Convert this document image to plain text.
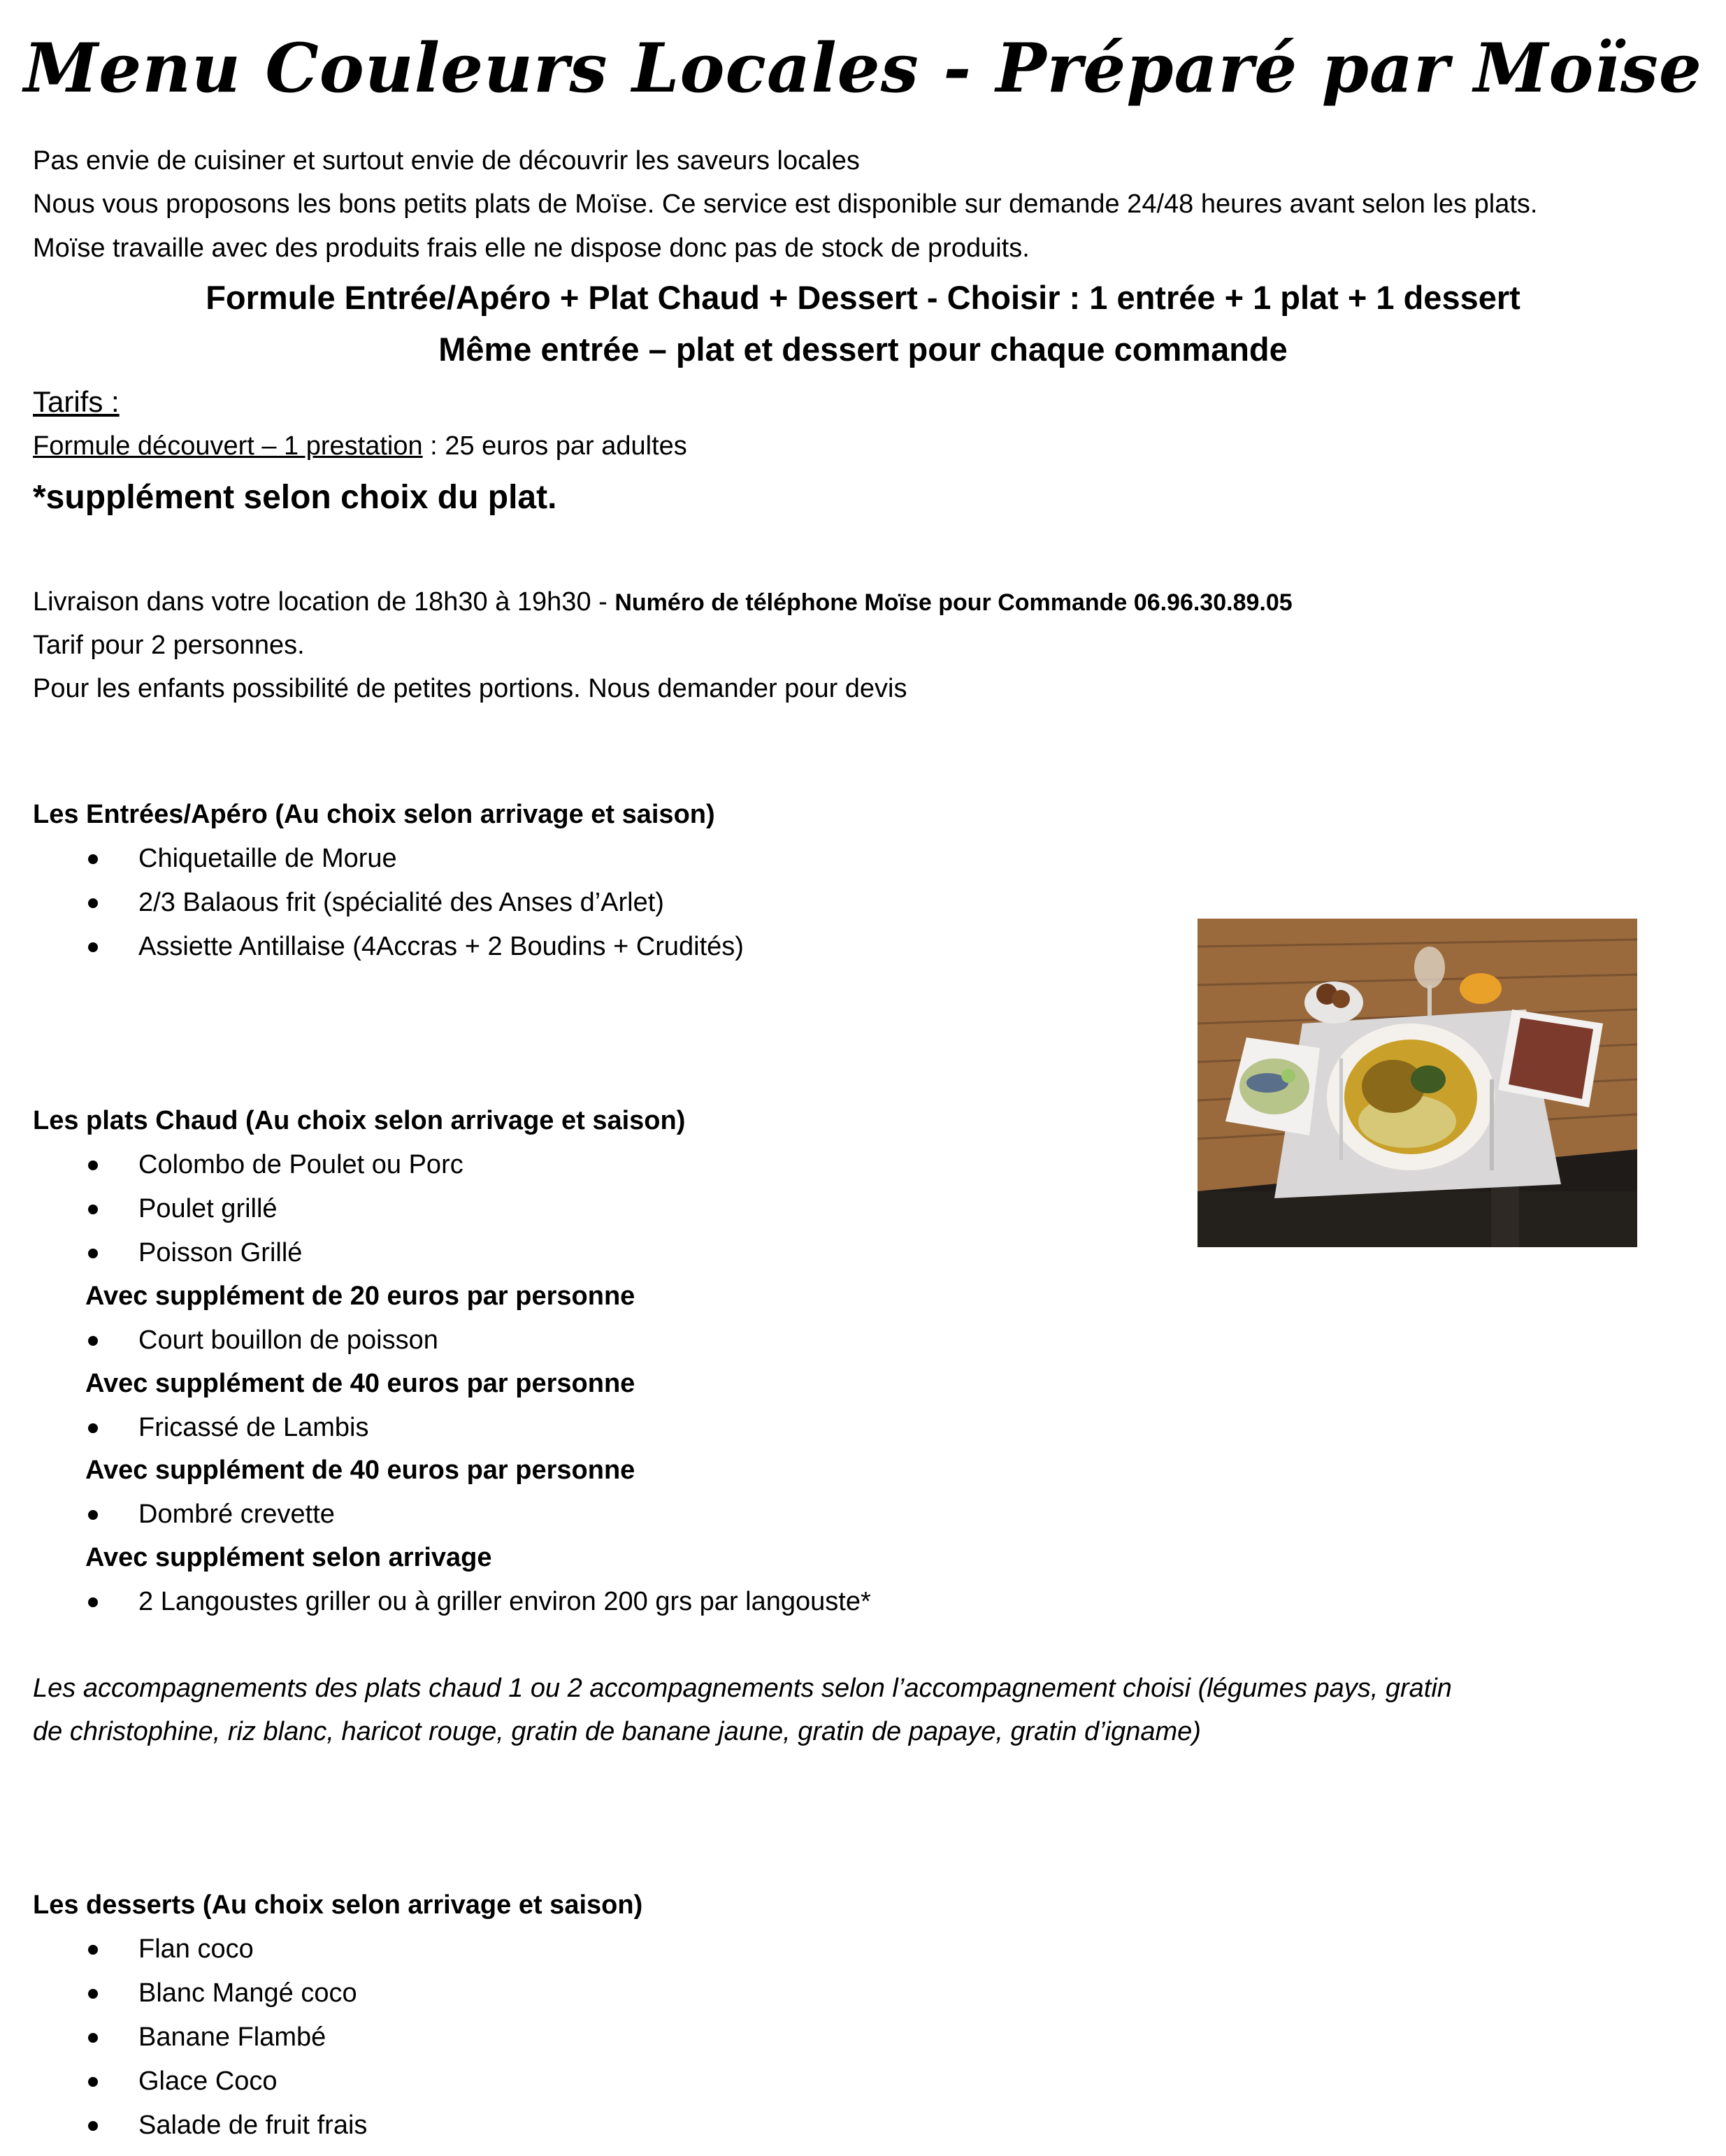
Menu Couleurs Locales - Préparé par Moïse
Pas envie de cuisiner et surtout envie de découvrir les saveurs locales
Nous vous proposons les bons petits plats de Moïse. Ce service est disponible sur demande 24/48 heures avant selon les plats.
Moïse travaille avec des produits frais elle ne dispose donc pas de stock de produits.
Formule Entrée/Apéro + Plat Chaud + Dessert - Choisir : 1 entrée + 1 plat + 1 dessert
Même entrée – plat et dessert pour chaque commande
Tarifs :
Formule découvert – 1 prestation : 25 euros par adultes
*supplément selon choix du plat.
Livraison dans votre location de 18h30 à 19h30 - Numéro de téléphone Moïse pour Commande 06.96.30.89.05
Tarif pour 2 personnes.
Pour les enfants possibilité de petites portions. Nous demander pour devis
Les Entrées/Apéro (Au choix selon arrivage et saison)
Chiquetaille de Morue
2/3 Balaous frit (spécialité des Anses d’Arlet)
Assiette Antillaise (4Accras + 2 Boudins + Crudités)
Les plats Chaud (Au choix selon arrivage et saison)
Colombo de Poulet ou Porc
Poulet grillé
Poisson Grillé
Avec supplément de 20 euros par personne
Court bouillon de poisson
Avec supplément de 40 euros par personne
Fricassé de Lambis
Avec supplément de 40 euros par personne
Dombré crevette
Avec supplément selon arrivage
2 Langoustes griller ou à griller environ 200 grs par langouste*
Les accompagnements des plats chaud 1 ou 2 accompagnements selon l’accompagnement choisi (légumes pays, gratin
de christophine, riz blanc, haricot rouge, gratin de banane jaune, gratin de papaye, gratin d’igname)
Les desserts (Au choix selon arrivage et saison)
Flan coco
Blanc Mangé coco
Banane Flambé
Glace Coco
Salade de fruit frais
